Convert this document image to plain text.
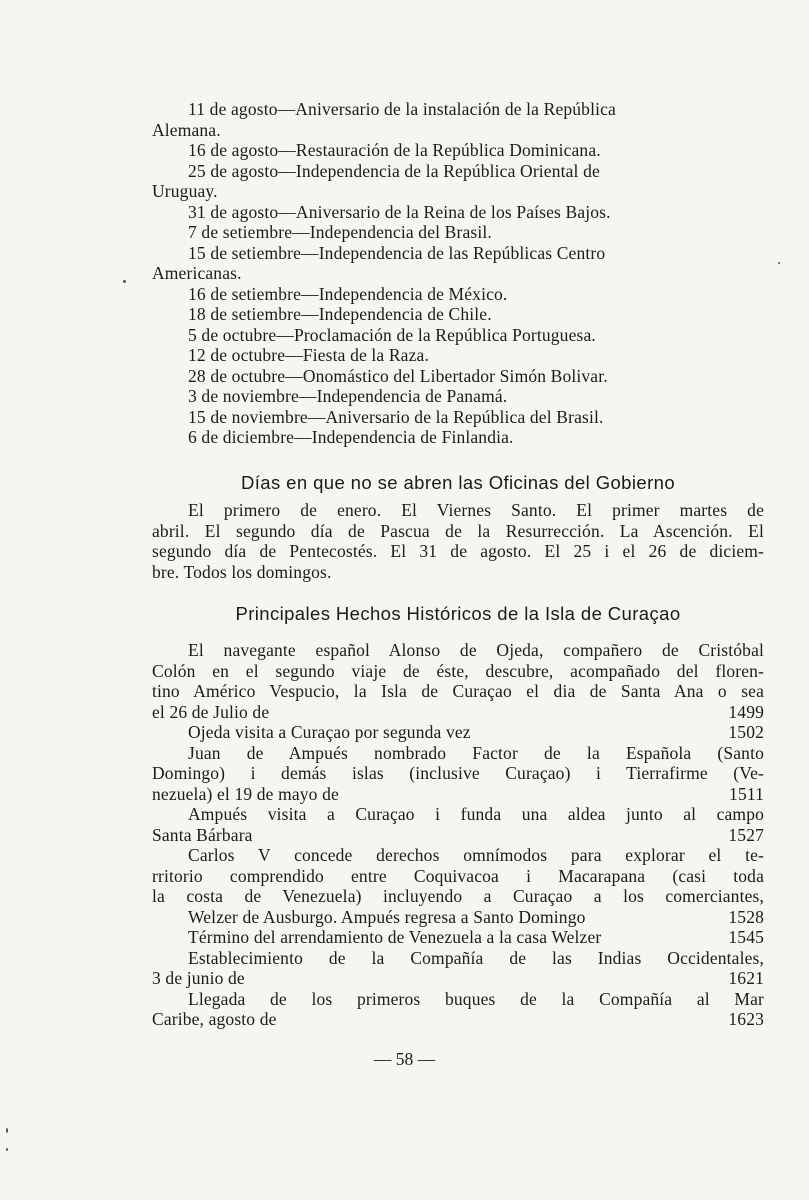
11 de agosto—Aniversario de la instalación de la República
Alemana.
16 de agosto—Restauración de la República Dominicana.
25 de agosto—Independencia de la República Oriental de
Uruguay.
31 de agosto—Aniversario de la Reina de los Países Bajos.
7 de setiembre—Independencia del Brasil.
15 de setiembre—Independencia de las Repúblicas Centro
Americanas.
16 de setiembre—Independencia de México.
18 de setiembre—Independencia de Chile.
5 de octubre—Proclamación de la República Portuguesa.
12 de octubre—Fiesta de la Raza.
28 de octubre—Onomástico del Libertador Simón Bolivar.
3 de noviembre—Independencia de Panamá.
15 de noviembre—Aniversario de la República del Brasil.
6 de diciembre—Independencia de Finlandia.
Días en que no se abren las Oficinas del Gobierno
El primero de enero. El Viernes Santo. El primer martes de
abril. El segundo día de Pascua de la Resurrección. La Ascención. El
segundo día de Pentecostés. El 31 de agosto. El 25 i el 26 de diciem-
bre. Todos los domingos.
Principales Hechos Históricos de la Isla de Curaçao
El navegante español Alonso de Ojeda, compañero de Cristóbal
Colón en el segundo viaje de éste, descubre, acompañado del floren-
tino Américo Vespucio, la Isla de Curaçao el dia de Santa Ana o sea
el 26 de Julio de	1499
Ojeda visita a Curaçao por segunda vez	1502
Juan de Ampués nombrado Factor de la Española (Santo
Domingo) i demás islas (inclusive Curaçao) i Tierrafirme (Ve-
nezuela) el 19 de mayo de	1511
Ampués visita a Curaçao i funda una aldea junto al campo
Santa Bárbara	1527
Carlos V concede derechos omnímodos para explorar el te-
rritorio comprendido entre Coquivacoa i Macarapana (casi toda
la costa de Venezuela) incluyendo a Curaçao a los comerciantes,
Welzer de Ausburgo. Ampués regresa a Santo Domingo	1528
Término del arrendamiento de Venezuela a la casa Welzer	1545
Establecimiento de la Compañía de las Indias Occidentales,
3 de junio de	1621
Llegada de los primeros buques de la Compañía al Mar
Caribe, agosto de	1623
— 58 —
